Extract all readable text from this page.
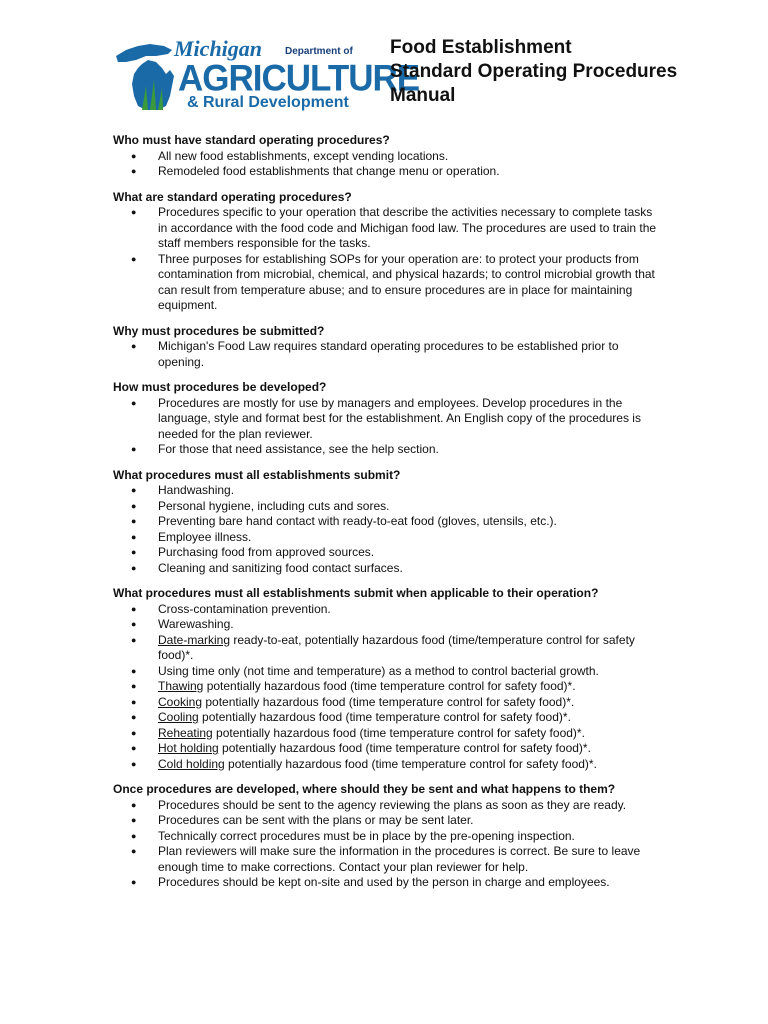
Michigan Department of
AGRICULTURE
& Rural Development
Food Establishment
Standard Operating Procedures
Manual
Who must have standard operating procedures?
● All new food establishments, except vending locations.
● Remodeled food establishments that change menu or operation.
What are standard operating procedures?
● Procedures specific to your operation that describe the activities necessary to complete tasks in accordance with the food code and Michigan food law. The procedures are used to train the staff members responsible for the tasks.
● Three purposes for establishing SOPs for your operation are: to protect your products from contamination from microbial, chemical, and physical hazards; to control microbial growth that can result from temperature abuse; and to ensure procedures are in place for maintaining equipment.
Why must procedures be submitted?
● Michigan's Food Law requires standard operating procedures to be established prior to opening.
How must procedures be developed?
● Procedures are mostly for use by managers and employees. Develop procedures in the language, style and format best for the establishment. An English copy of the procedures is needed for the plan reviewer.
● For those that need assistance, see the help section.
What procedures must all establishments submit?
● Handwashing.
● Personal hygiene, including cuts and sores.
● Preventing bare hand contact with ready-to-eat food (gloves, utensils, etc.).
● Employee illness.
● Purchasing food from approved sources.
● Cleaning and sanitizing food contact surfaces.
What procedures must all establishments submit when applicable to their operation?
● Cross-contamination prevention.
● Warewashing.
● Date-marking ready-to-eat, potentially hazardous food (time/temperature control for safety food)*.
● Using time only (not time and temperature) as a method to control bacterial growth.
● Thawing potentially hazardous food (time temperature control for safety food)*.
● Cooking potentially hazardous food (time temperature control for safety food)*.
● Cooling potentially hazardous food (time temperature control for safety food)*.
● Reheating potentially hazardous food (time temperature control for safety food)*.
● Hot holding potentially hazardous food (time temperature control for safety food)*.
● Cold holding potentially hazardous food (time temperature control for safety food)*.
Once procedures are developed, where should they be sent and what happens to them?
● Procedures should be sent to the agency reviewing the plans as soon as they are ready.
● Procedures can be sent with the plans or may be sent later.
● Technically correct procedures must be in place by the pre-opening inspection.
● Plan reviewers will make sure the information in the procedures is correct. Be sure to leave enough time to make corrections. Contact your plan reviewer for help.
● Procedures should be kept on-site and used by the person in charge and employees.
